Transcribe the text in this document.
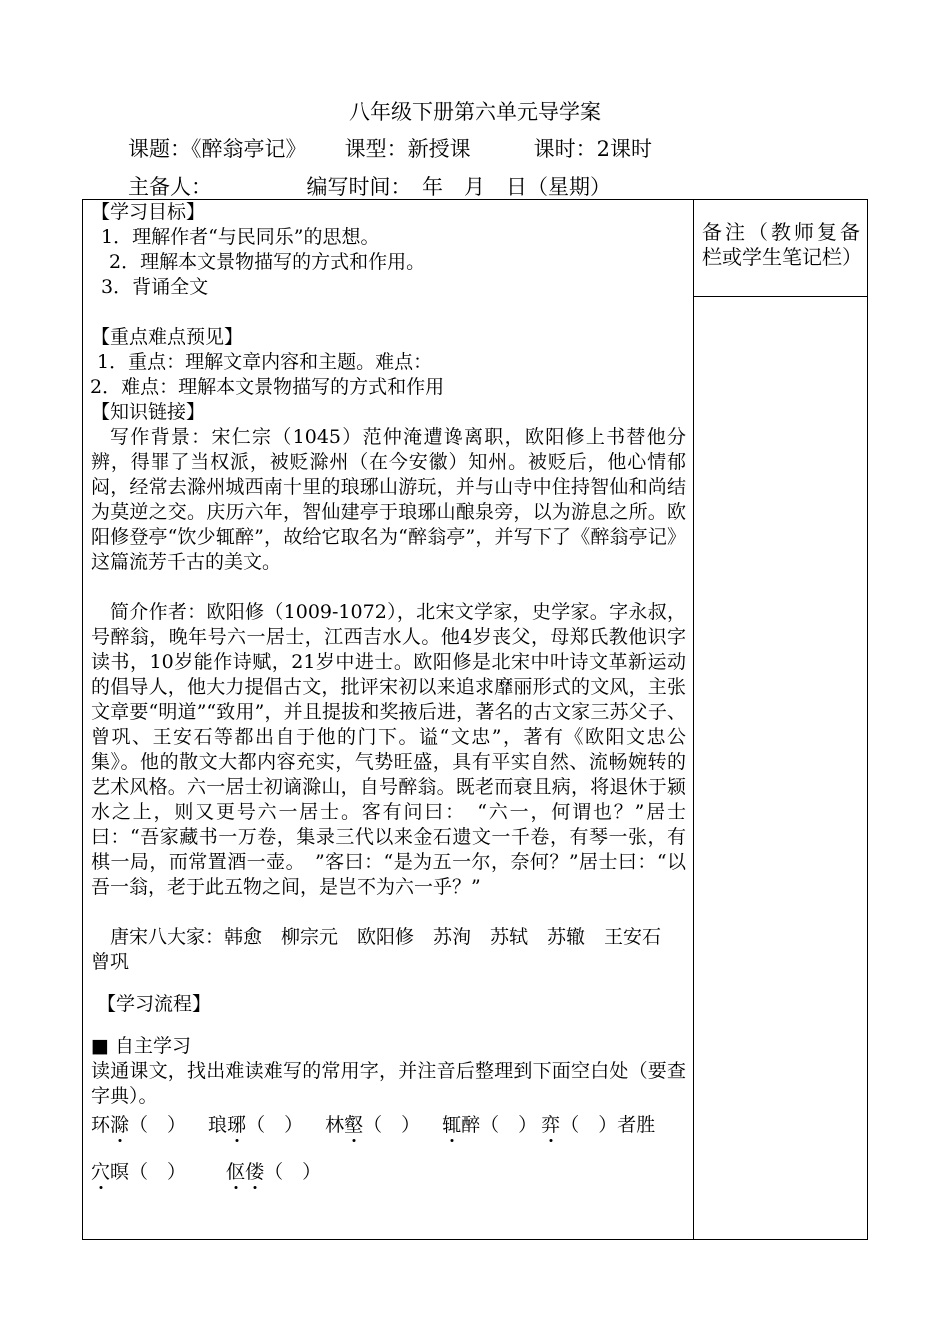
八年级下册第六单元导学案
课题：《醉翁亭记》　　 课型：新授课　　　课时：2课时
主备人：　　　　　编写时间：　年　月　日（星期）
备注（教师复备栏或学生笔记栏）

【学习目标】

1．理解作者“与民同乐”的思想。

2．理解本文景物描写的方式和作用。

3．背诵全文

【重点难点预见】

1．重点：理解文章内容和主题。难点：

2．难点：理解本文景物描写的方式和作用

【知识链接】

写作背景：宋仁宗（1045）范仲淹遭谗离职，欧阳修上书替他分辨，得罪了当权派，被贬滁州（在今安徽）知州。被贬后，他心情郁闷，经常去滁州城西南十里的琅琊山游玩，并与山寺中住持智仙和尚结为莫逆之交。庆历六年，智仙建亭于琅琊山酿泉旁，以为游息之所。欧阳修登亭“饮少辄醉”，故给它取名为“醉翁亭”，并写下了《醉翁亭记》这篇流芳千古的美文。

简介作者：欧阳修（1009-1072），北宋文学家，史学家。字永叔，号醉翁，晚年号六一居士，江西吉水人。他4岁丧父，母郑氏教他识字读书，10岁能作诗赋，21岁中进士。欧阳修是北宋中叶诗文革新运动的倡导人，他大力提倡古文，批评宋初以来追求靡丽形式的文风，主张文章要“明道”“致用”，并且提拔和奖掖后进，著名的古文家三苏父子、曾巩、王安石等都出自于他的门下。谥“文忠”，著有《欧阳文忠公集》。他的散文大都内容充实，气势旺盛，具有平实自然、流畅婉转的艺术风格。六一居士初谪滁山，自号醉翁。既老而衰且病，将退休于颍水之上，则又更号六一居士。客有问曰：　“六一，何谓也？”居士曰：“吾家藏书一万卷，集录三代以来金石遗文一千卷，有琴一张，有棋一局，而常置酒一壶。　”客曰：“是为五一尔，奈何？”居士曰：“以吾一翁，老于此五物之间，是岂不为六一乎？”

唐宋八大家：韩愈　柳宗元　欧阳修　苏洵　苏轼　苏辙　王安石　曾巩

【学习流程】

■ 自主学习

读通课文，找出难读难写的常用字，并注音后整理到下面空白处（要查字典）。

环滁（　） 琅琊（　） 林壑（　） 辄醉（　） 弈（　）者胜

穴暝（　） 伛偻（　）
